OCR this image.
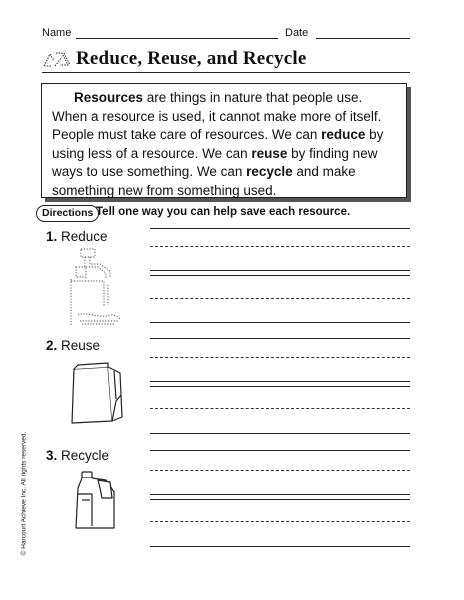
Name	Date
Reduce, Reuse, and Recycle
Resources are things in nature that people use. When a resource is used, it cannot make more of itself. People must take care of resources. We can reduce by using less of a resource. We can reuse by finding new ways to use something. We can recycle and make something new from something used.
Directions Tell one way you can help save each resource.
1. Reduce
2. Reuse
3. Recycle
© Harcourt Achieve Inc. All rights reserved.
